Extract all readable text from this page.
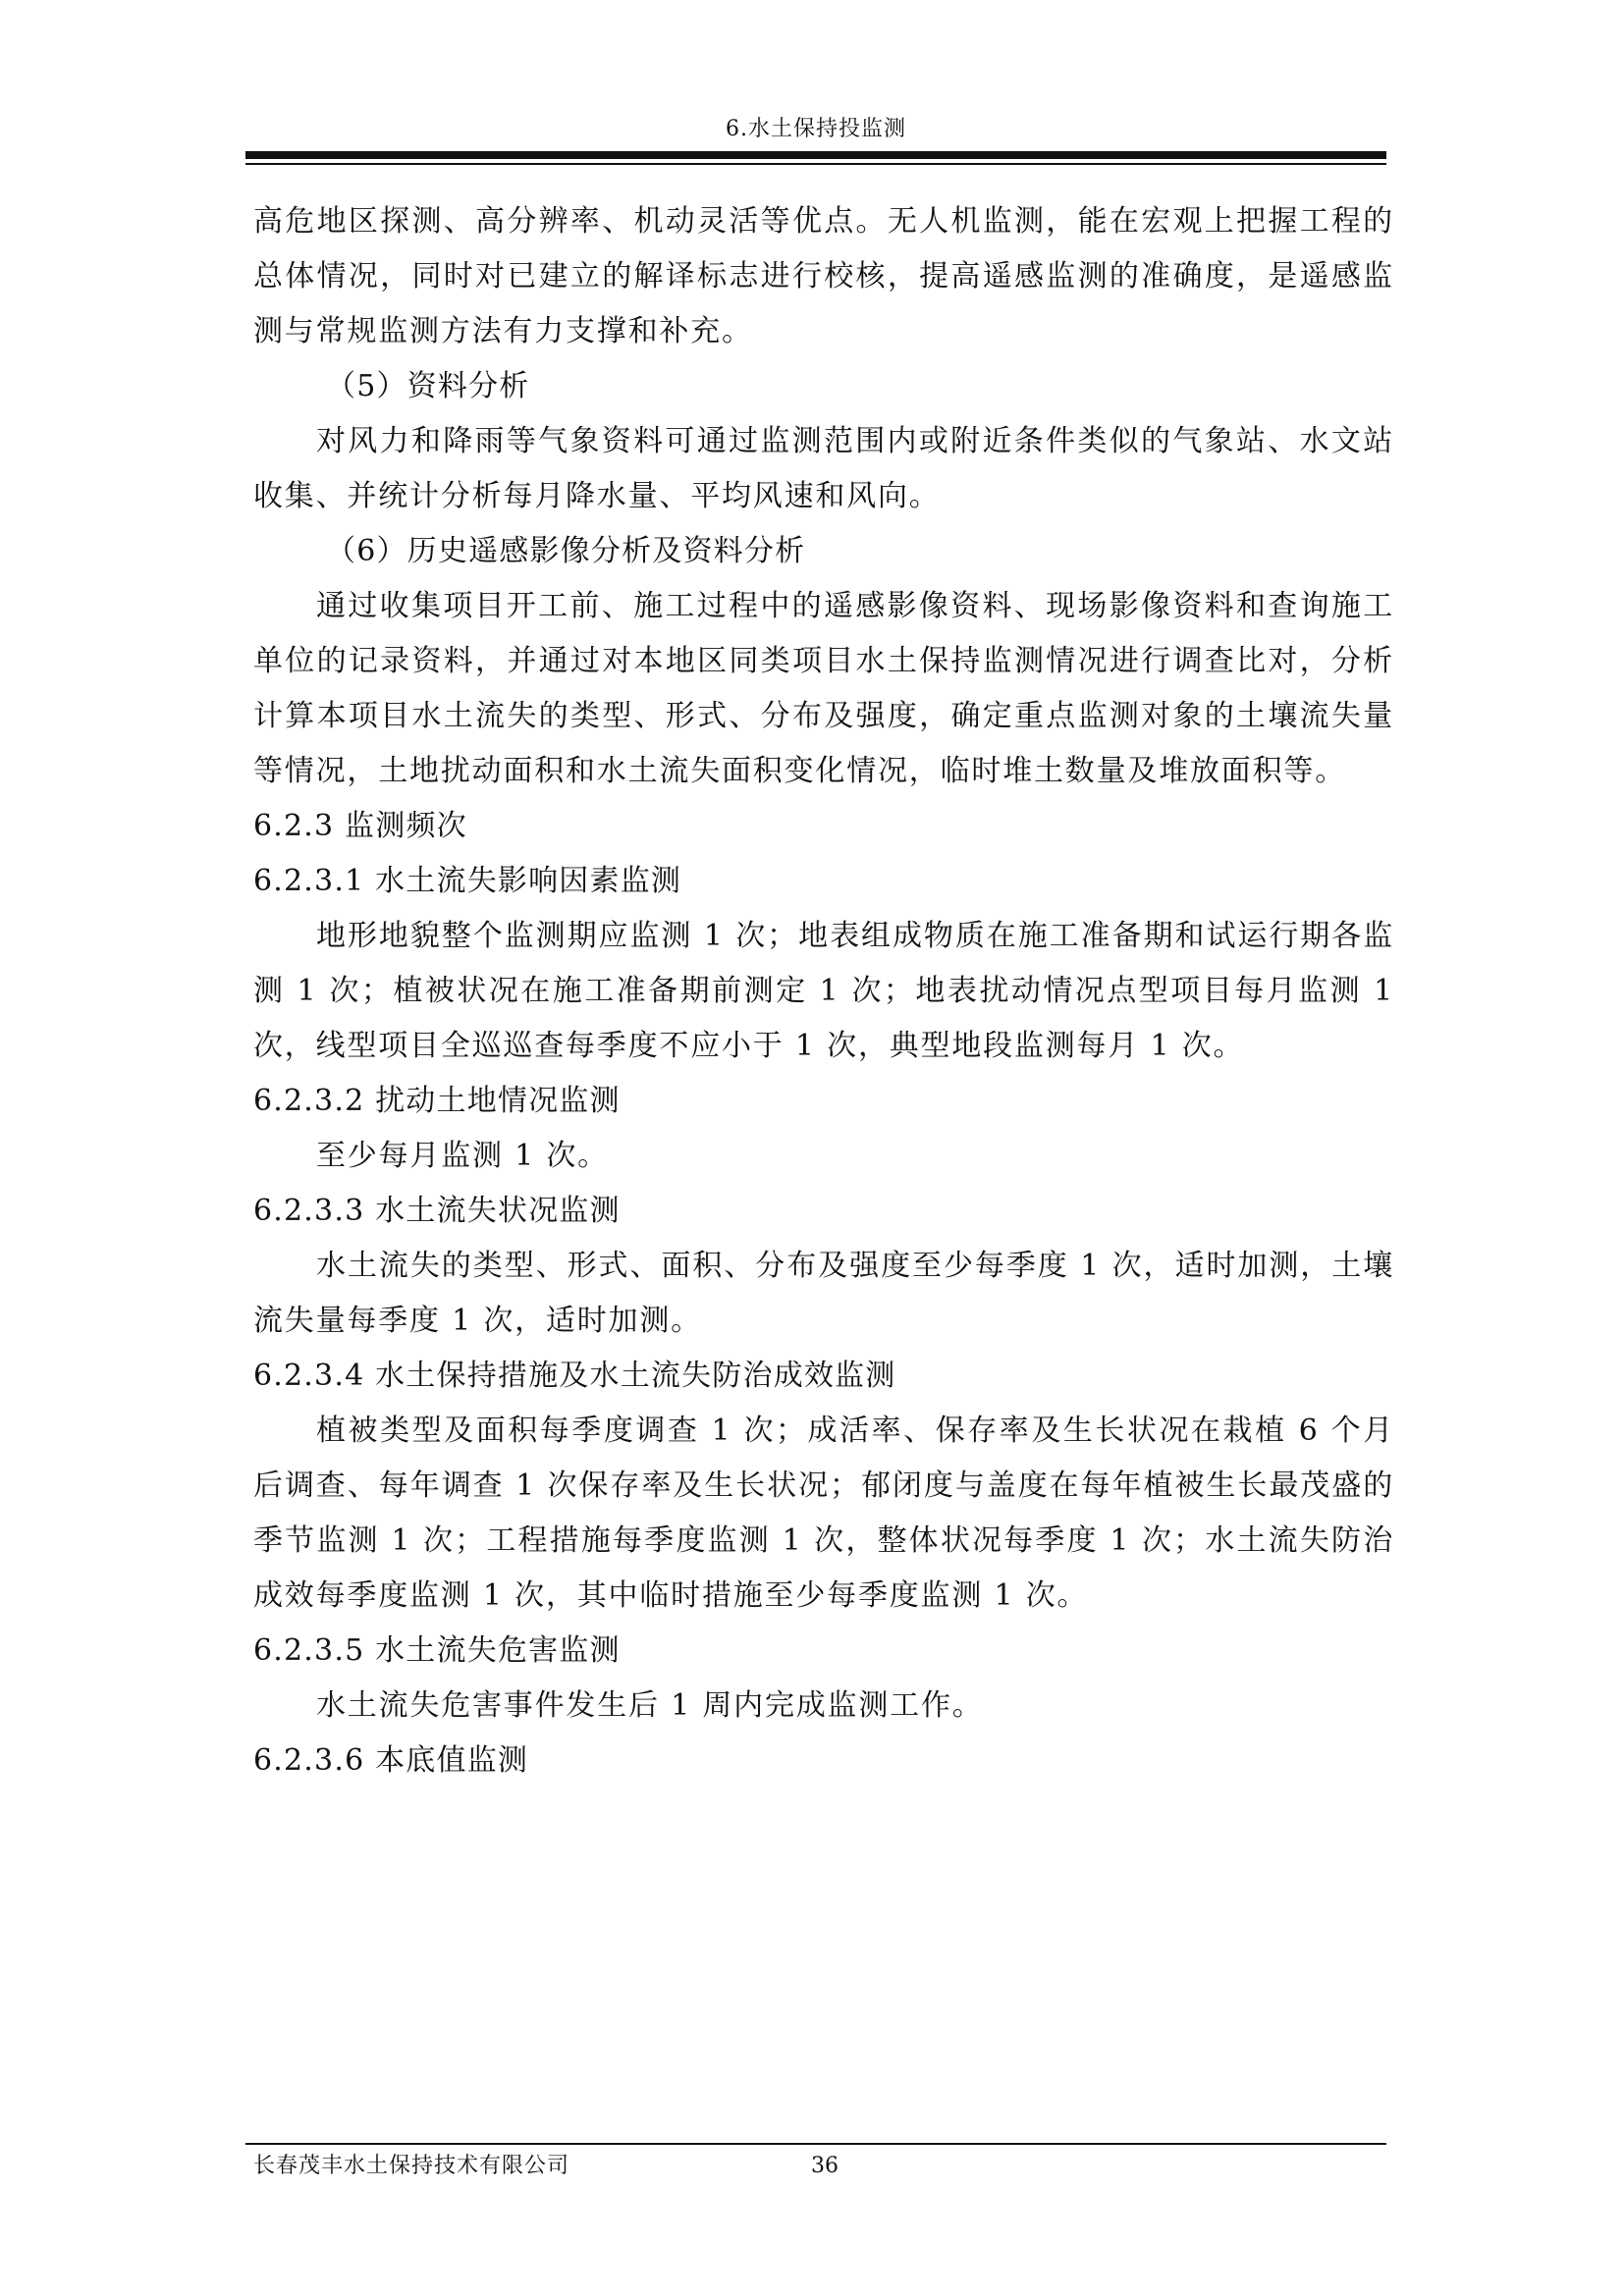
6.水土保持投监测

高危地区探测、高分辨率、机动灵活等优点。无人机监测，能在宏观上把握工程的总体情况，同时对已建立的解译标志进行校核，提高遥感监测的准确度，是遥感监测与常规监测方法有力支撑和补充。

（5）资料分析

对风力和降雨等气象资料可通过监测范围内或附近条件类似的气象站、水文站收集、并统计分析每月降水量、平均风速和风向。

（6）历史遥感影像分析及资料分析

通过收集项目开工前、施工过程中的遥感影像资料、现场影像资料和查询施工单位的记录资料，并通过对本地区同类项目水土保持监测情况进行调查比对，分析计算本项目水土流失的类型、形式、分布及强度，确定重点监测对象的土壤流失量等情况，土地扰动面积和水土流失面积变化情况，临时堆土数量及堆放面积等。

6.2.3 监测频次

6.2.3.1 水土流失影响因素监测

地形地貌整个监测期应监测 1 次；地表组成物质在施工准备期和试运行期各监测 1 次；植被状况在施工准备期前测定 1 次；地表扰动情况点型项目每月监测 1 次，线型项目全巡巡查每季度不应小于 1 次，典型地段监测每月 1 次。

6.2.3.2 扰动土地情况监测

至少每月监测 1 次。

6.2.3.3 水土流失状况监测

水土流失的类型、形式、面积、分布及强度至少每季度 1 次，适时加测，土壤流失量每季度 1 次，适时加测。

6.2.3.4 水土保持措施及水土流失防治成效监测

植被类型及面积每季度调查 1 次；成活率、保存率及生长状况在栽植 6 个月后调查、每年调查 1 次保存率及生长状况；郁闭度与盖度在每年植被生长最茂盛的季节监测 1 次；工程措施每季度监测 1 次，整体状况每季度 1 次；水土流失防治成效每季度监测 1 次，其中临时措施至少每季度监测 1 次。

6.2.3.5 水土流失危害监测

水土流失危害事件发生后 1 周内完成监测工作。

6.2.3.6 本底值监测

长春茂丰水土保持技术有限公司	36
